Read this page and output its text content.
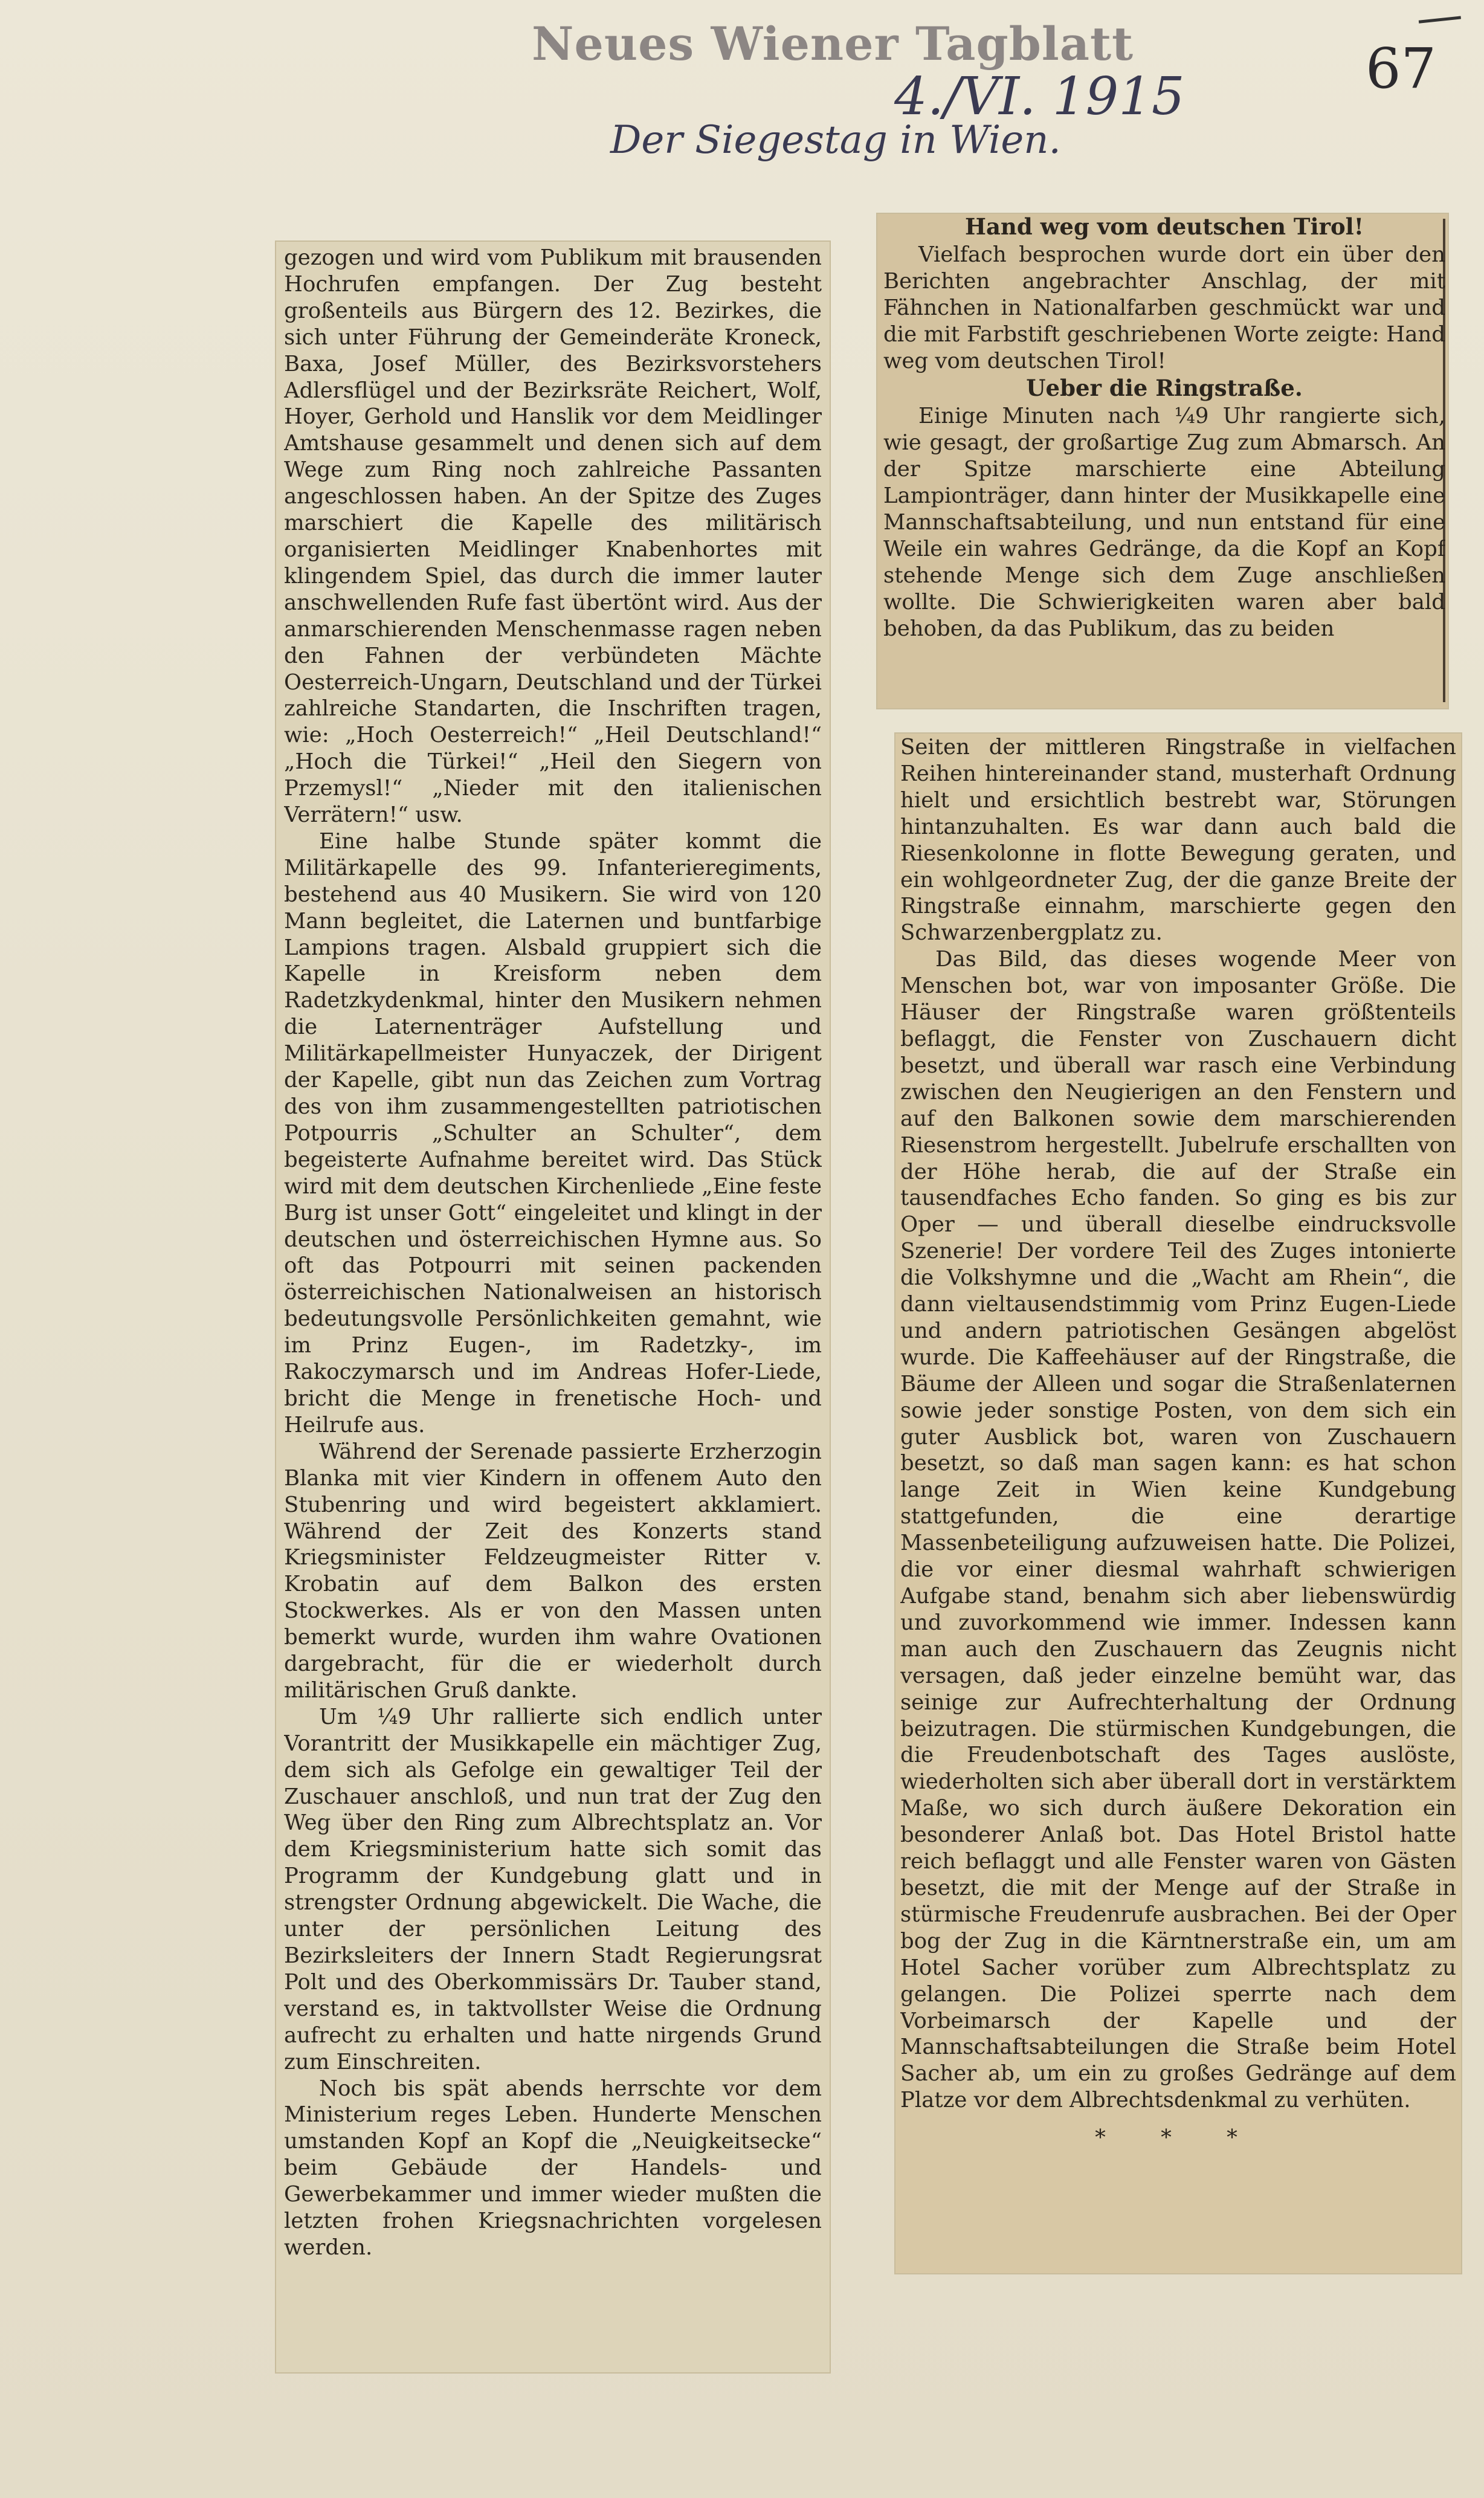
Neues Wiener Tagblatt
4./VI. 1915	67
Der Siegestag in Wien.

gezogen und wird vom Publikum mit brausenden Hochrufen empfangen. Der Zug besteht großenteils aus Bürgern des 12. Bezirkes, die sich unter Führung der Gemeinderäte Kroneck, Baxa, Josef Müller, des Bezirksvorstehers Adlersflügel und der Bezirksräte Reichert, Wolf, Hoyer, Gerhold und Hanslik vor dem Meidlinger Amtshause gesammelt und denen sich auf dem Wege zum Ring noch zahlreiche Passanten angeschlossen haben. An der Spitze des Zuges marschiert die Kapelle des militärisch organisierten Meidlinger Knabenhortes mit klingendem Spiel, das durch die immer lauter anschwellenden Rufe fast übertönt wird. Aus der anmarschierenden Menschenmasse ragen neben den Fahnen der verbündeten Mächte Oesterreich-Ungarn, Deutschland und der Türkei zahlreiche Standarten, die Inschriften tragen, wie: „Hoch Oesterreich!“ „Heil Deutschland!“ „Hoch die Türkei!“ „Heil den Siegern von Przemysl!“ „Nieder mit den italienischen Verrätern!“ usw.

Eine halbe Stunde später kommt die Militärkapelle des 99. Infanterieregiments, bestehend aus 40 Musikern. Sie wird von 120 Mann begleitet, die Laternen und buntfarbige Lampions tragen. Alsbald gruppiert sich die Kapelle in Kreisform neben dem Radetzkydenkmal, hinter den Musikern nehmen die Laternenträger Aufstellung und Militärkapellmeister Hunyaczek, der Dirigent der Kapelle, gibt nun das Zeichen zum Vortrag des von ihm zusammengestellten patriotischen Potpourris „Schulter an Schulter“, dem begeisterte Aufnahme bereitet wird. Das Stück wird mit dem deutschen Kirchenliede „Eine feste Burg ist unser Gott“ eingeleitet und klingt in der deutschen und österreichischen Hymne aus. So oft das Potpourri mit seinen packenden österreichischen Nationalweisen an historisch bedeutungsvolle Persönlichkeiten gemahnt, wie im Prinz Eugen-, im Radetzky-, im Rakoczymarsch und im Andreas Hofer-Liede, bricht die Menge in frenetische Hoch- und Heilrufe aus.

Während der Serenade passierte Erzherzogin Blanka mit vier Kindern in offenem Auto den Stubenring und wird begeistert akklamiert. Während der Zeit des Konzerts stand Kriegsminister Feldzeugmeister Ritter v. Krobatin auf dem Balkon des ersten Stockwerkes. Als er von den Massen unten bemerkt wurde, wurden ihm wahre Ovationen dargebracht, für die er wiederholt durch militärischen Gruß dankte.

Um ¼9 Uhr rallierte sich endlich unter Vorantritt der Musikkapelle ein mächtiger Zug, dem sich als Gefolge ein gewaltiger Teil der Zuschauer anschloß, und nun trat der Zug den Weg über den Ring zum Albrechtsplatz an. Vor dem Kriegsministerium hatte sich somit das Programm der Kundgebung glatt und in strengster Ordnung abgewickelt. Die Wache, die unter der persönlichen Leitung des Bezirksleiters der Innern Stadt Regierungsrat Polt und des Oberkommissärs Dr. Tauber stand, verstand es, in taktvollster Weise die Ordnung aufrecht zu erhalten und hatte nirgends Grund zum Einschreiten.

Noch bis spät abends herrschte vor dem Ministerium reges Leben. Hunderte Menschen umstanden Kopf an Kopf die „Neuigkeitsecke“ beim Gebäude der Handels- und Gewerbekammer und immer wieder mußten die letzten frohen Kriegsnachrichten vorgelesen werden.

Hand weg vom deutschen Tirol!

Vielfach besprochen wurde dort ein über den Berichten angebrachter Anschlag, der mit Fähnchen in Nationalfarben geschmückt war und die mit Farbstift geschriebenen Worte zeigte: Hand weg vom deutschen Tirol!

Ueber die Ringstraße.

Einige Minuten nach ¼9 Uhr rangierte sich, wie gesagt, der großartige Zug zum Abmarsch. An der Spitze marschierte eine Abteilung Lampionträger, dann hinter der Musikkapelle eine Mannschaftsabteilung, und nun entstand für eine Weile ein wahres Gedränge, da die Kopf an Kopf stehende Menge sich dem Zuge anschließen wollte. Die Schwierigkeiten waren aber bald behoben, da das Publikum, das zu beiden

Seiten der mittleren Ringstraße in vielfachen Reihen hintereinander stand, musterhaft Ordnung hielt und ersichtlich bestrebt war, Störungen hintanzuhalten. Es war dann auch bald die Riesenkolonne in flotte Bewegung geraten, und ein wohlgeordneter Zug, der die ganze Breite der Ringstraße einnahm, marschierte gegen den Schwarzenbergplatz zu.

Das Bild, das dieses wogende Meer von Menschen bot, war von imposanter Größe. Die Häuser der Ringstraße waren größtenteils beflaggt, die Fenster von Zuschauern dicht besetzt, und überall war rasch eine Verbindung zwischen den Neugierigen an den Fenstern und auf den Balkonen sowie dem marschierenden Riesenstrom hergestellt. Jubelrufe erschallten von der Höhe herab, die auf der Straße ein tausendfaches Echo fanden. So ging es bis zur Oper — und überall dieselbe eindrucksvolle Szenerie! Der vordere Teil des Zuges intonierte die Volkshymne und die „Wacht am Rhein“, die dann vieltausendstimmig vom Prinz Eugen-Liede und andern patriotischen Gesängen abgelöst wurde. Die Kaffeehäuser auf der Ringstraße, die Bäume der Alleen und sogar die Straßenlaternen sowie jeder sonstige Posten, von dem sich ein guter Ausblick bot, waren von Zuschauern besetzt, so daß man sagen kann: es hat schon lange Zeit in Wien keine Kundgebung stattgefunden, die eine derartige Massenbeteiligung aufzuweisen hatte. Die Polizei, die vor einer diesmal wahrhaft schwierigen Aufgabe stand, benahm sich aber liebenswürdig und zuvorkommend wie immer. Indessen kann man auch den Zuschauern das Zeugnis nicht versagen, daß jeder einzelne bemüht war, das seinige zur Aufrechterhaltung der Ordnung beizutragen. Die stürmischen Kundgebungen, die die Freudenbotschaft des Tages auslöste, wiederholten sich aber überall dort in verstärktem Maße, wo sich durch äußere Dekoration ein besonderer Anlaß bot. Das Hotel Bristol hatte reich beflaggt und alle Fenster waren von Gästen besetzt, die mit der Menge auf der Straße in stürmische Freudenrufe ausbrachen. Bei der Oper bog der Zug in die Kärntnerstraße ein, um am Hotel Sacher vorüber zum Albrechtsplatz zu gelangen. Die Polizei sperrte nach dem Vorbeimarsch der Kapelle und der Mannschaftsabteilungen die Straße beim Hotel Sacher ab, um ein zu großes Gedränge auf dem Platze vor dem Albrechtsdenkmal zu verhüten.

* * *
